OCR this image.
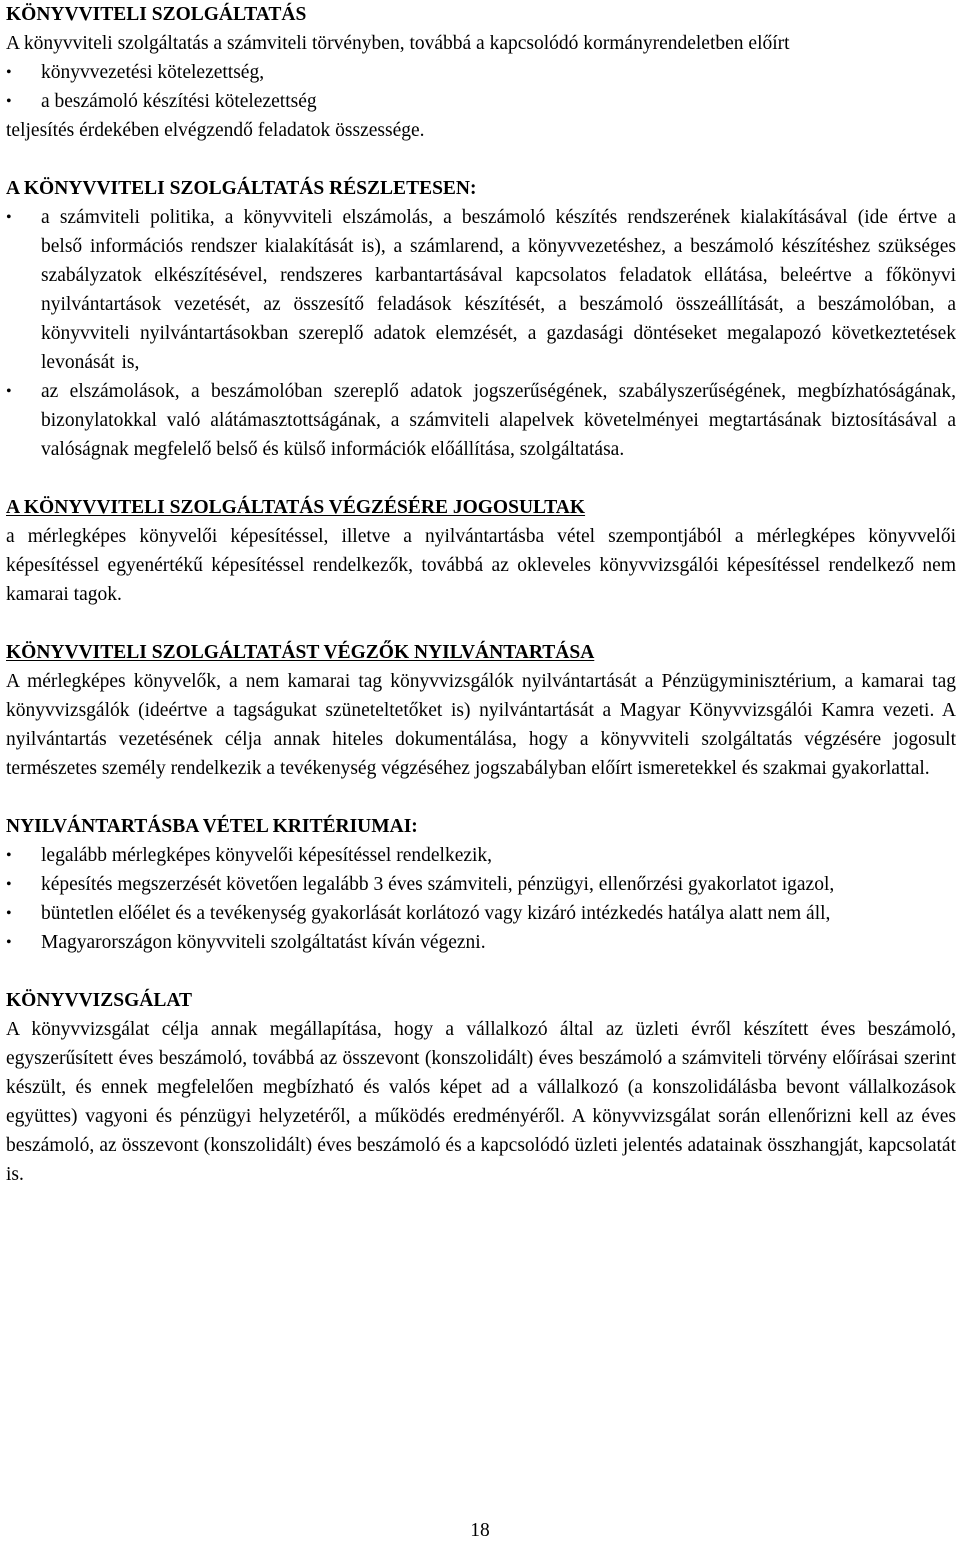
KÖNYVVITELI SZOLGÁLTATÁS

A könyvviteli szolgáltatás a számviteli törvényben, továbbá a kapcsolódó kormányrendeletben előírt

•	könyvvezetési kötelezettség,
•	a beszámoló készítési kötelezettség

teljesítés érdekében elvégzendő feladatok összessége.

A KÖNYVVITELI SZOLGÁLTATÁS RÉSZLETESEN:
•	a számviteli politika, a könyvviteli elszámolás, a beszámoló készítés rendszerének kialakításával (ide értve a belső információs rendszer kialakítását is), a számlarend, a könyvvezetéshez, a beszámoló készítéshez szükséges szabályzatok elkészítésével, rendszeres karbantartásával kapcsolatos feladatok ellátása, beleértve a főkönyvi nyilvántartások vezetését, az összesítő feladások készítését, a beszámoló összeállítását, a beszámolóban, a könyvviteli nyilvántartásokban szereplő adatok elemzését, a gazdasági döntéseket megalapozó következtetések levonását is,
•	az elszámolások, a beszámolóban szereplő adatok jogszerűségének, szabályszerűségének, megbízhatóságának, bizonylatokkal való alátámasztottságának, a számviteli alapelvek követelményei megtartásának biztosításával a valóságnak megfelelő belső és külső információk előállítása, szolgáltatása.
A KÖNYVVITELI SZOLGÁLTATÁS VÉGZÉSÉRE JOGOSULTAK

a mérlegképes könyvelői képesítéssel, illetve a nyilvántartásba vétel szempontjából a mérlegképes könyvvelői képesítéssel egyenértékű képesítéssel rendelkezők, továbbá az okleveles könyvvizsgálói képesítéssel rendelkező nem kamarai tagok.

KÖNYVVITELI SZOLGÁLTATÁST VÉGZŐK NYILVÁNTARTÁSA

A mérlegképes könyvelők, a nem kamarai tag könyvvizsgálók nyilvántartását a Pénzügyminisztérium, a kamarai tag könyvvizsgálók (ideértve a tagságukat szüneteltetőket is) nyilvántartását a Magyar Könyvvizsgálói Kamra vezeti. A nyilvántartás vezetésének célja annak hiteles dokumentálása, hogy a könyvviteli szolgáltatás végzésére jogosult természetes személy rendelkezik a tevékenység végzéséhez jogszabályban előírt ismeretekkel és szakmai gyakorlattal.

NYILVÁNTARTÁSBA VÉTEL KRITÉRIUMAI:
•	legalább mérlegképes könyvelői képesítéssel rendelkezik,
•	képesítés megszerzését követően legalább 3 éves számviteli, pénzügyi, ellenőrzési gyakorlatot igazol,
•	büntetlen előélet és a tevékenység gyakorlását korlátozó vagy kizáró intézkedés hatálya alatt nem áll,
•	Magyarországon könyvviteli szolgáltatást kíván végezni.
KÖNYVVIZSGÁLAT

A könyvvizsgálat célja annak megállapítása, hogy a vállalkozó által az üzleti évről készített éves beszámoló, egyszerűsített éves beszámoló, továbbá az összevont (konszolidált) éves beszámoló a számviteli törvény előírásai szerint készült, és ennek megfelelően megbízható és valós képet ad a vállalkozó (a konszolidálásba bevont vállalkozások együttes) vagyoni és pénzügyi helyzetéről, a működés eredményéről. A könyvvizsgálat során ellenőrizni kell az éves beszámoló, az összevont (konszolidált) éves beszámoló és a kapcsolódó üzleti jelentés adatainak összhangját, kapcsolatát is.

18
